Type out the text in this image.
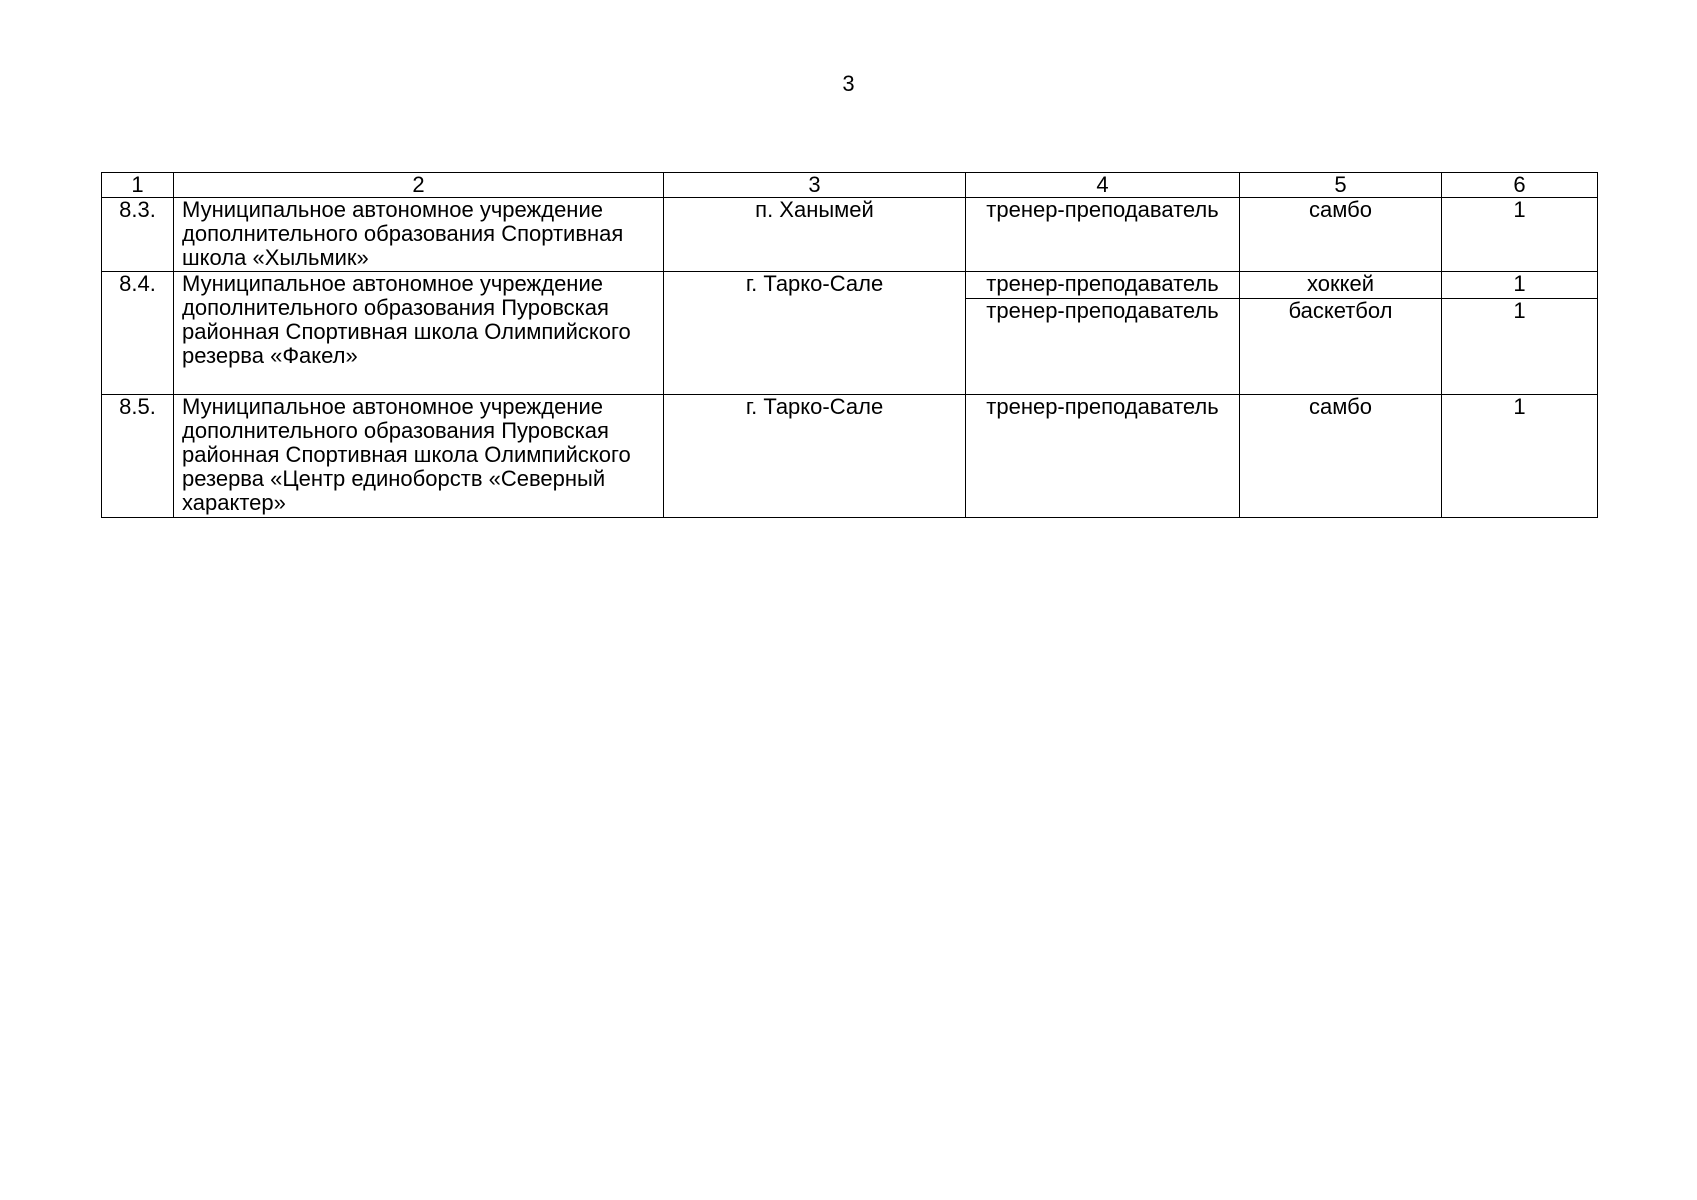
3
1	2	3	4	5	6
8.3.	Муниципальное автономное учреждение дополнительного образования Спортивная школа «Хыльмик»	п. Ханымей	тренер-преподаватель	самбо	1
8.4.	Муниципальное автономное учреждение дополнительного образования Пуровская районная Спортивная школа Олимпийского резерва «Факел»	г. Тарко-Сале	тренер-преподаватель	хоккей	1
			тренер-преподаватель	баскетбол	1
8.5.	Муниципальное автономное учреждение дополнительного образования Пуровская районная Спортивная школа Олимпийского резерва «Центр единоборств «Северный характер»	г. Тарко-Сале	тренер-преподаватель	самбо	1
